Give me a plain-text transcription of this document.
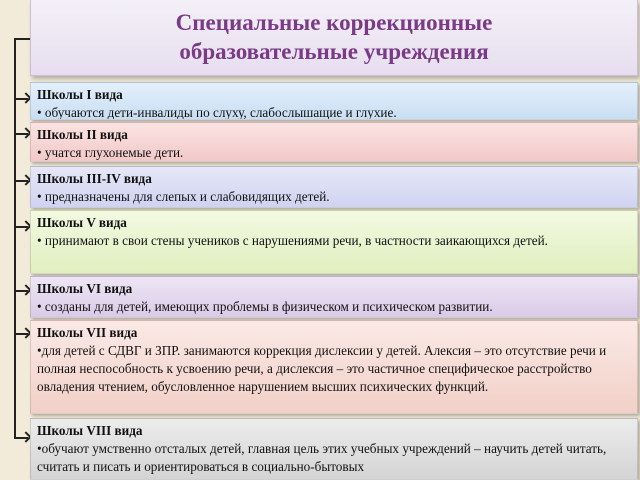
Специальные коррекционные
образовательные учреждения
Школы I вида
• обучаются дети-инвалиды по слуху, слабослышащие и глухие.
Школы II вида
• учатся глухонемые дети.
Школы III-IV вида
• предназначены для слепых и слабовидящих детей.
Школы V вида
• принимают в свои стены учеников с нарушениями речи, в частности заикающихся детей.
Школы VI вида
• созданы для детей, имеющих проблемы в физическом и психическом развитии.
Школы VII вида
•для детей с СДВГ и ЗПР. занимаются коррекция дислексии у детей. Алексия – это отсутствие речи и полная неспособность к усвоению речи, а дислексия – это частичное специфическое расстройство овладения чтением, обусловленное нарушением высших психических функций.
Школы VIII вида
•обучают умственно отсталых детей, главная цель этих учебных учреждений – научить детей читать, считать и писать и ориентироваться в социально-бытовых
